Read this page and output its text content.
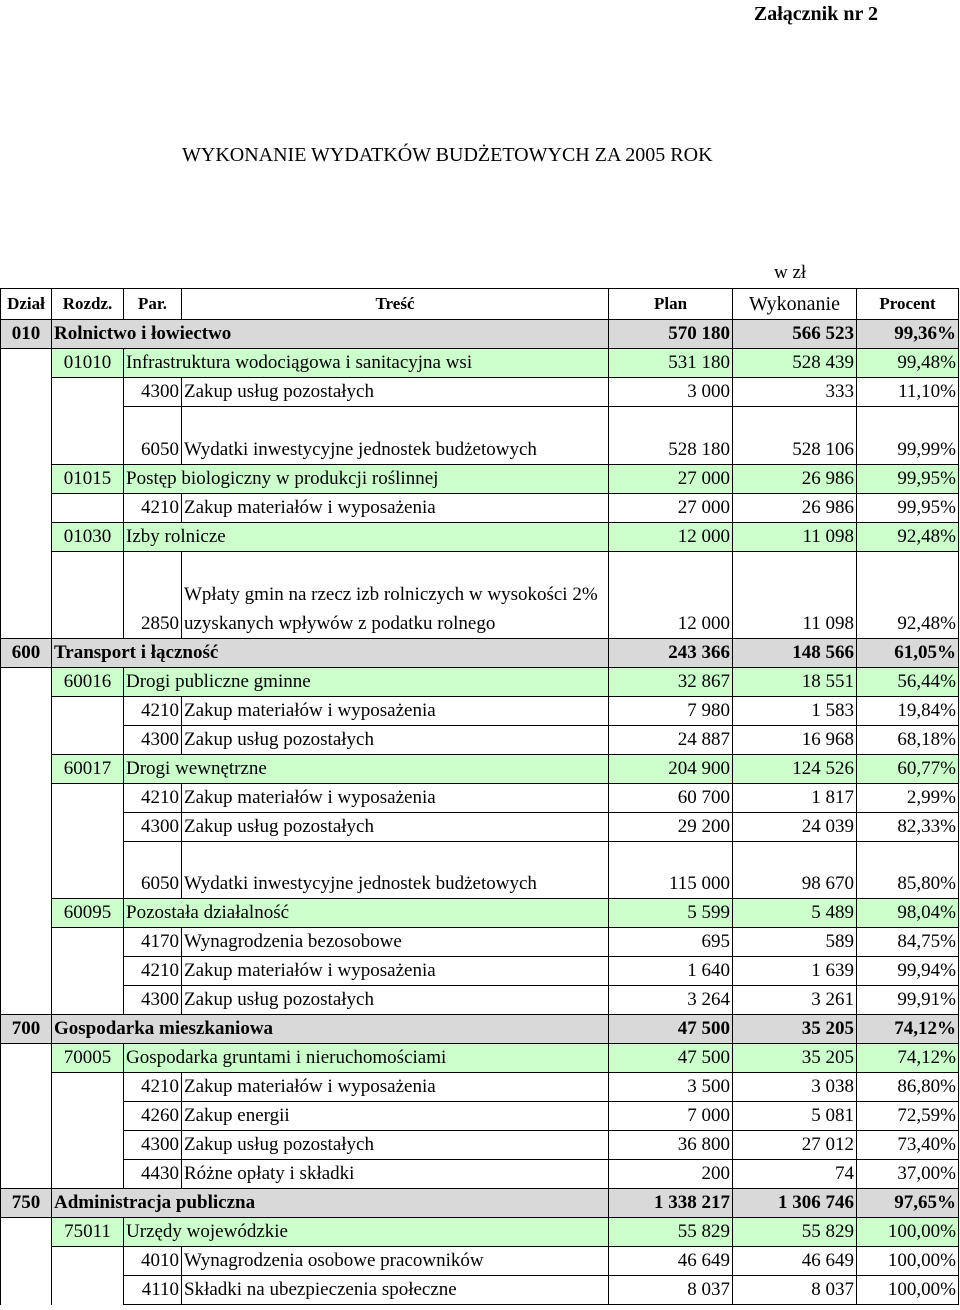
Załącznik nr 2
WYKONANIE WYDATKÓW BUDŻETOWYCH ZA 2005 ROK
w zł
Dział	Rozdz.	Par.	Treść	Plan	Wykonanie	Procent
010	Rolnictwo i łowiectwo			570 180	566 523	99,36%
	01010	Infrastruktura wodociągowa i sanitacyjna wsi		531 180	528 439	99,48%
		4300	Zakup usług pozostałych	3 000	333	11,10%
		6050	Wydatki inwestycyjne jednostek budżetowych	528 180	528 106	99,99%
	01015	Postęp biologiczny w produkcji roślinnej		27 000	26 986	99,95%
		4210	Zakup materiałów i wyposażenia	27 000	26 986	99,95%
	01030	Izby rolnicze		12 000	11 098	92,48%
		2850	Wpłaty gmin na rzecz izb rolniczych w wysokości 2% uzyskanych wpływów z podatku rolnego	12 000	11 098	92,48%
600	Transport i łączność			243 366	148 566	61,05%
	60016	Drogi publiczne gminne		32 867	18 551	56,44%
		4210	Zakup materiałów i wyposażenia	7 980	1 583	19,84%
		4300	Zakup usług pozostałych	24 887	16 968	68,18%
	60017	Drogi wewnętrzne		204 900	124 526	60,77%
		4210	Zakup materiałów i wyposażenia	60 700	1 817	2,99%
		4300	Zakup usług pozostałych	29 200	24 039	82,33%
		6050	Wydatki inwestycyjne jednostek budżetowych	115 000	98 670	85,80%
	60095	Pozostała działalność		5 599	5 489	98,04%
		4170	Wynagrodzenia bezosobowe	695	589	84,75%
		4210	Zakup materiałów i wyposażenia	1 640	1 639	99,94%
		4300	Zakup usług pozostałych	3 264	3 261	99,91%
700	Gospodarka mieszkaniowa			47 500	35 205	74,12%
	70005	Gospodarka gruntami i nieruchomościami		47 500	35 205	74,12%
		4210	Zakup materiałów i wyposażenia	3 500	3 038	86,80%
		4260	Zakup energii	7 000	5 081	72,59%
		4300	Zakup usług pozostałych	36 800	27 012	73,40%
		4430	Różne opłaty i składki	200	74	37,00%
750	Administracja publiczna			1 338 217	1 306 746	97,65%
	75011	Urzędy wojewódzkie		55 829	55 829	100,00%
		4010	Wynagrodzenia osobowe pracowników	46 649	46 649	100,00%
		4110	Składki na ubezpieczenia społeczne	8 037	8 037	100,00%
